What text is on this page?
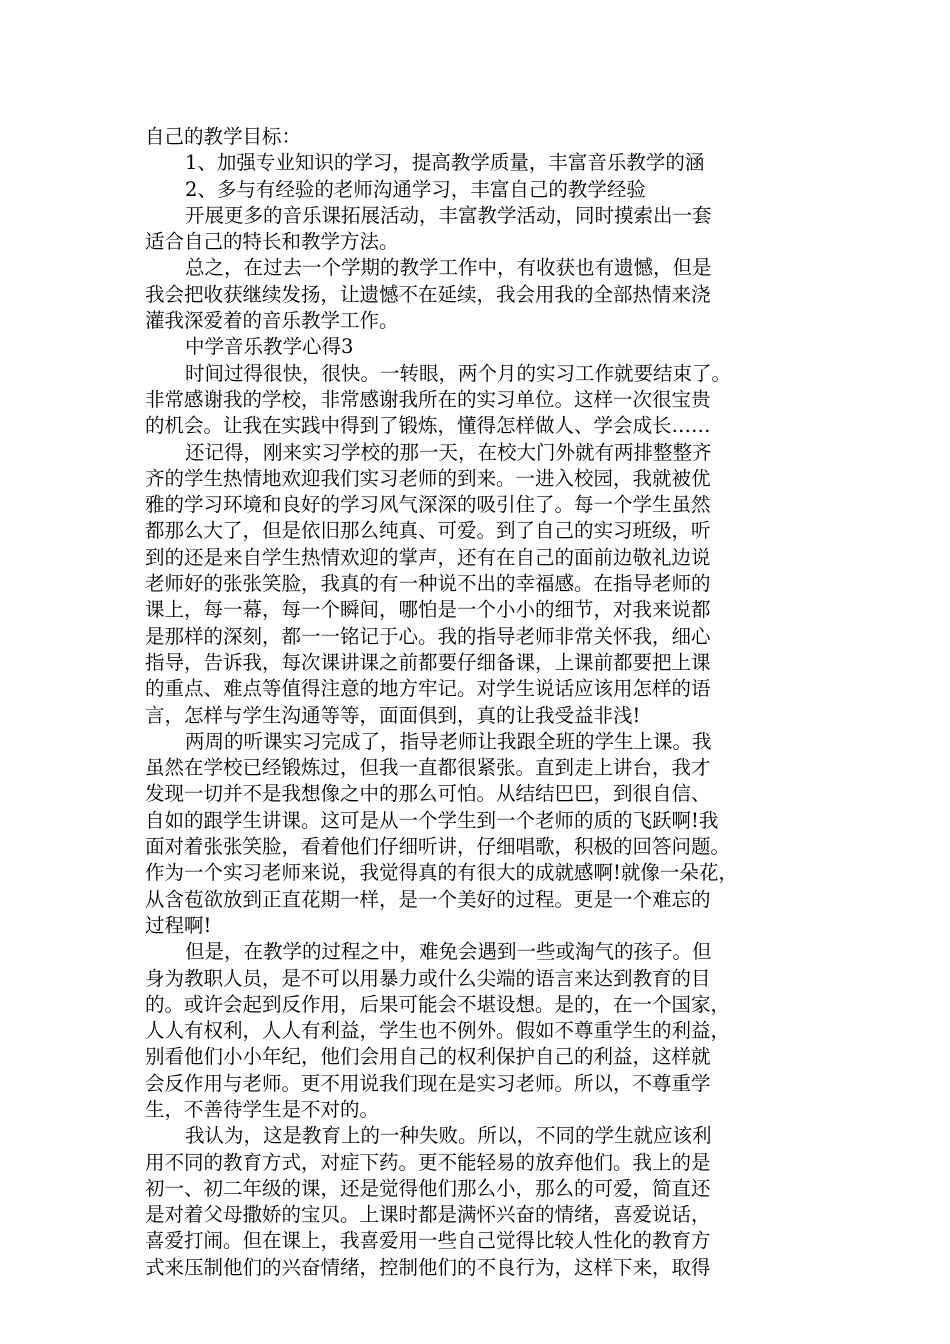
自己的教学目标：
1、加强专业知识的学习，提高教学质量，丰富音乐教学的涵
2、多与有经验的老师沟通学习，丰富自己的教学经验
开展更多的音乐课拓展活动，丰富教学活动，同时摸索出一套
适合自己的特长和教学方法。
总之，在过去一个学期的教学工作中，有收获也有遗憾，但是
我会把收获继续发扬，让遗憾不在延续，我会用我的全部热情来浇
灌我深爱着的音乐教学工作。
中学音乐教学心得3
时间过得很快，很快。一转眼，两个月的实习工作就要结束了。
非常感谢我的学校，非常感谢我所在的实习单位。这样一次很宝贵
的机会。让我在实践中得到了锻炼，懂得怎样做人、学会成长……
还记得，刚来实习学校的那一天，在校大门外就有两排整整齐
齐的学生热情地欢迎我们实习老师的到来。一进入校园，我就被优
雅的学习环境和良好的学习风气深深的吸引住了。每一个学生虽然
都那么大了，但是依旧那么纯真、可爱。到了自己的实习班级，听
到的还是来自学生热情欢迎的掌声，还有在自己的面前边敬礼边说
老师好的张张笑脸，我真的有一种说不出的幸福感。在指导老师的
课上，每一幕，每一个瞬间，哪怕是一个小小的细节，对我来说都
是那样的深刻，都一一铭记于心。我的指导老师非常关怀我，细心
指导，告诉我，每次课讲课之前都要仔细备课，上课前都要把上课
的重点、难点等值得注意的地方牢记。对学生说话应该用怎样的语
言，怎样与学生沟通等等，面面俱到，真的让我受益非浅!
两周的听课实习完成了，指导老师让我跟全班的学生上课。我
虽然在学校已经锻炼过，但我一直都很紧张。直到走上讲台，我才
发现一切并不是我想像之中的那么可怕。从结结巴巴，到很自信、
自如的跟学生讲课。这可是从一个学生到一个老师的质的飞跃啊!我
面对着张张笑脸，看着他们仔细听讲，仔细唱歌，积极的回答问题。
作为一个实习老师来说，我觉得真的有很大的成就感啊!就像一朵花，
从含苞欲放到正直花期一样，是一个美好的过程。更是一个难忘的
过程啊!
但是，在教学的过程之中，难免会遇到一些或淘气的孩子。但
身为教职人员，是不可以用暴力或什么尖端的语言来达到教育的目
的。或许会起到反作用，后果可能会不堪设想。是的，在一个国家，
人人有权利，人人有利益，学生也不例外。假如不尊重学生的利益，
别看他们小小年纪，他们会用自己的权利保护自己的利益，这样就
会反作用与老师。更不用说我们现在是实习老师。所以，不尊重学
生，不善待学生是不对的。
我认为，这是教育上的一种失败。所以，不同的学生就应该利
用不同的教育方式，对症下药。更不能轻易的放弃他们。我上的是
初一、初二年级的课，还是觉得他们那么小，那么的可爱，简直还
是对着父母撒娇的宝贝。上课时都是满怀兴奋的情绪，喜爱说话，
喜爱打闹。但在课上，我喜爱用一些自己觉得比较人性化的教育方
式来压制他们的兴奋情绪，控制他们的不良行为，这样下来，取得
